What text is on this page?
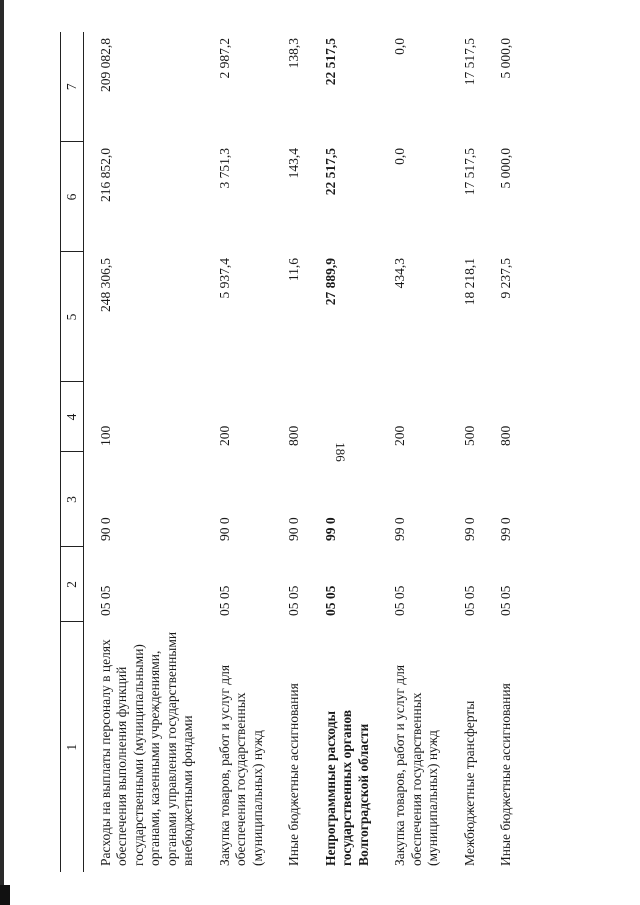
186
1	2	3	4	5	6	7
Расходы на выплаты персоналу в целях обеспечения выполнения функций государственными (муниципальными) органами, казенными учреждениями, органами управления государственными внебюджетными фондами	05 05	90 0	100	248 306,5	216 852,0	209 082,8
Закупка товаров, работ и услуг для обеспечения государственных (муниципальных) нужд	05 05	90 0	200	5 937,4	3 751,3	2 987,2
Иные бюджетные ассигнования	05 05	90 0	800	11,6	143,4	138,3
Непрограммные расходы государственных органов Волгоградской области	05 05	99 0		27 889,9	22 517,5	22 517,5
Закупка товаров, работ и услуг для обеспечения государственных (муниципальных) нужд	05 05	99 0	200	434,3	0,0	0,0
Межбюджетные трансферты	05 05	99 0	500	18 218,1	17 517,5	17 517,5
Иные бюджетные ассигнования	05 05	99 0	800	9 237,5	5 000,0	5 000,0
